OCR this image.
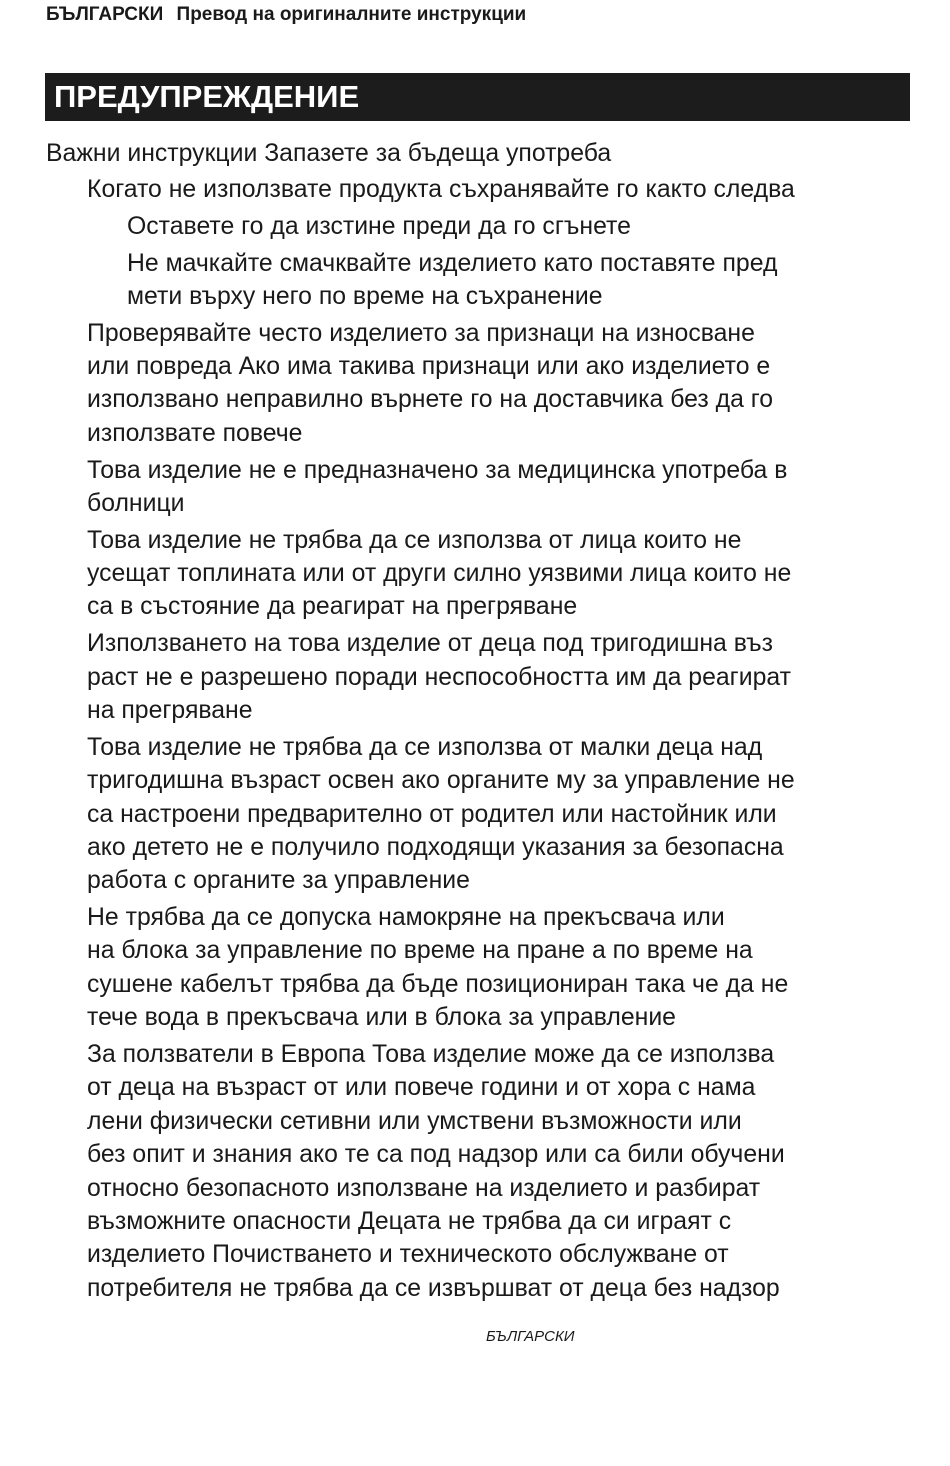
БЪЛГАРСКИ Превод на оригиналните инструкции
ПРЕДУПРЕЖДЕНИЕ
Важни инструкции Запазете за бъдеща употреба
Когато не използвате продукта съхранявайте го както следва
Оставете го да изстине преди да го сгънете
Не мачкайте смачквайте изделието като поставяте пред
мети върху него по време на съхранение
Проверявайте често изделието за признаци на износване
или повреда Ако има такива признаци или ако изделието е
използвано неправилно върнете го на доставчика без да го
използвате повече
Това изделие не е предназначено за медицинска употреба в
болници
Това изделие не трябва да се използва от лица които не
усещат топлината или от други силно уязвими лица които не
са в състояние да реагират на прегряване
Използването на това изделие от деца под тригодишна въз
раст не е разрешено поради неспособността им да реагират
на прегряване
Това изделие не трябва да се използва от малки деца над
тригодишна възраст освен ако органите му за управление не
са настроени предварително от родител или настойник или
ако детето не е получило подходящи указания за безопасна
работа с органите за управление
Не трябва да се допуска намокряне на прекъсвача или
на блока за управление по време на пране а по време на
сушене кабелът трябва да бъде позициониран така че да не
тече вода в прекъсвача или в блока за управление
За ползватели в Европа Това изделие може да се използва
от деца на възраст от или повече години и от хора с нама
лени физически сетивни или умствени възможности или
без опит и знания ако те са под надзор или са били обучени
относно безопасното използване на изделието и разбират
възможните опасности Децата не трябва да си играят с
изделието Почистването и техническото обслужване от
потребителя не трябва да се извършват от деца без надзор
БЪЛГАРСКИ
